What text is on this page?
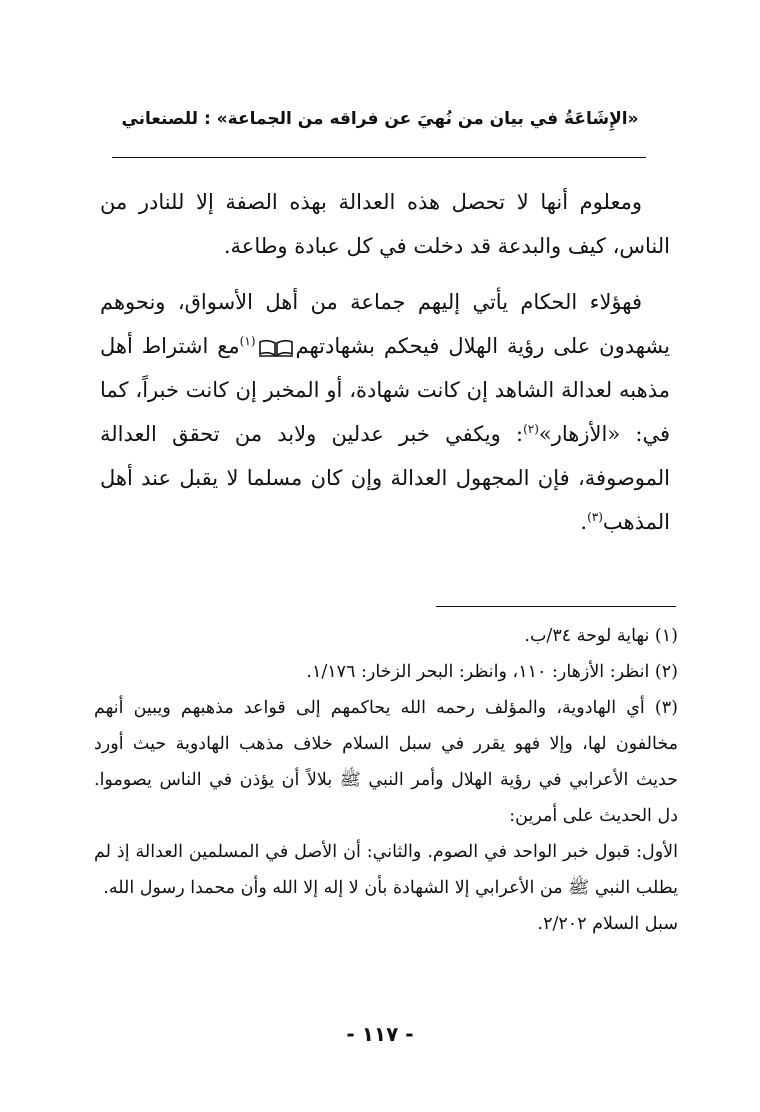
«الإِشَاعَةُ في بيان من نُهيَ عن فراقه من الجماعة» : للصنعاني

ومعلوم أنها لا تحصل هذه العدالة بهذه الصفة إلا للنادر من الناس، كيف والبدعة قد دخلت في كل عبادة وطاعة.

فهؤلاء الحكام يأتي إليهم جماعة من أهل الأسواق، ونحوهم يشهدون على رؤية الهلال فيحكم بشهادتهم$^{(١)}$مع اشتراط أهل مذهبه لعدالة الشاهد إن كانت شهادة، أو المخبر إن كانت خبراً، كما في: «الأزهار»$^{(٢)}$: ويكفي خبر عدلين ولابد من تحقق العدالة الموصوفة، فإن المجهول العدالة وإن كان مسلما لا يقبل عند أهل المذهب$^{(٣)}$.

(١) نهاية لوحة ٣٤/ب.

(٢) انظر: الأزهار: ١١٠، وانظر: البحر الزخار: ١/١٧٦.

(٣) أي الهادوية، والمؤلف رحمه الله يحاكمهم إلى قواعد مذهبهم ويبين أنهم مخالفون لها، وإلا فهو يقرر في سبل السلام خلاف مذهب الهادوية حيث أورد حديث الأعرابي في رؤية الهلال وأمر النبي ﷺ بلالاً أن يؤذن في الناس يصوموا. دل الحديث على أمرين:

الأول: قبول خبر الواحد في الصوم. والثاني: أن الأصل في المسلمين العدالة إذ لم يطلب النبي ﷺ من الأعرابي إلا الشهادة بأن لا إله إلا الله وأن محمدا رسول الله.

سبل السلام ٢/٢٠٢.

- ١١٧ -
